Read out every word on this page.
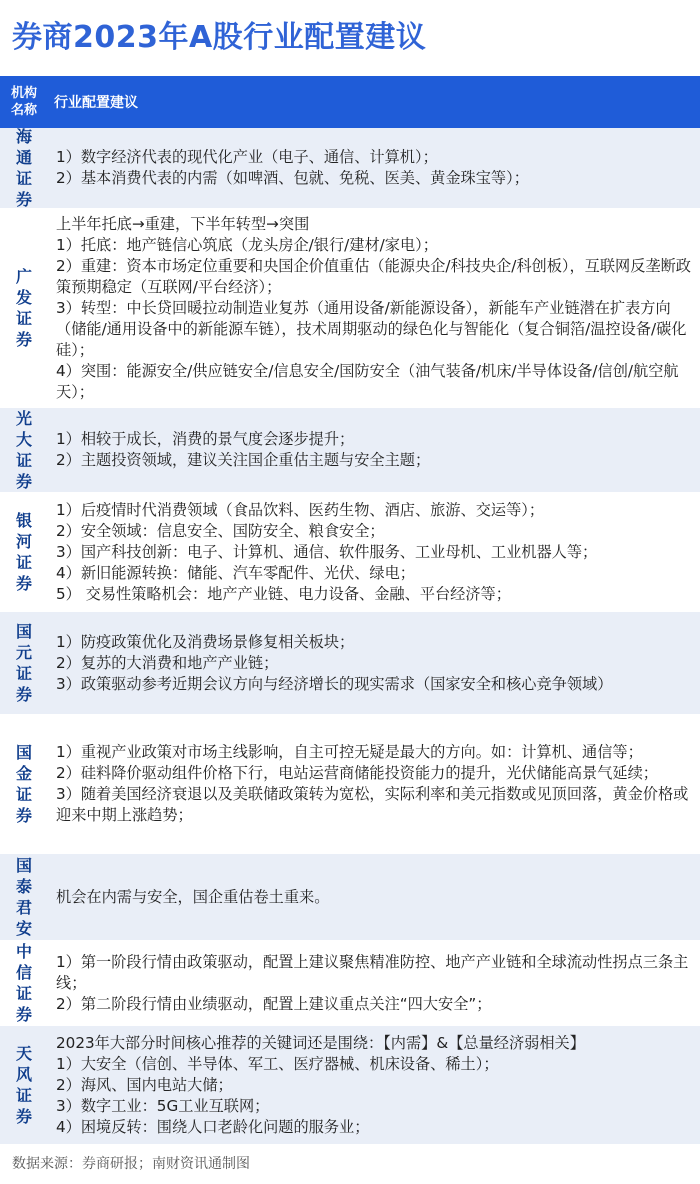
券商2023年A股行业配置建议
机构
名称	行业配置建议
海通证券
1）数字经济代表的现代化产业（电子、通信、计算机）；
2）基本消费代表的内需（如啤酒、包就、免税、医美、黄金珠宝等）；
广发证券
上半年托底→重建，下半年转型→突围
1）托底：地产链信心筑底（龙头房企/银行/建材/家电）；
2）重建：资本市场定位重要和央国企价值重估（能源央企/科技央企/科创板），互联网反垄断政策预期稳定（互联网/平台经济）；
3）转型：中长贷回暖拉动制造业复苏（通用设备/新能源设备），新能车产业链潜在扩表方向（储能/通用设备中的新能源车链），技术周期驱动的绿色化与智能化（复合铜箔/温控设备/碳化硅）；
4）突围：能源安全/供应链安全/信息安全/国防安全（油气装备/机床/半导体设备/信创/航空航天）；
光大证券
1）相较于成长，消费的景气度会逐步提升；
2）主题投资领域，建议关注国企重估主题与安全主题；
银河证券
1）后疫情时代消费领域（食品饮料、医药生物、酒店、旅游、交运等）；
2）安全领域：信息安全、国防安全、粮食安全；
3）国产科技创新：电子、计算机、通信、软件服务、工业母机、工业机器人等；
4）新旧能源转换：储能、汽车零配件、光伏、绿电；
5） 交易性策略机会：地产产业链、电力设备、金融、平台经济等；
国元证券
1）防疫政策优化及消费场景修复相关板块；
2）复苏的大消费和地产产业链；
3）政策驱动参考近期会议方向与经济增长的现实需求（国家安全和核心竞争领域）
国金证券
1）重视产业政策对市场主线影响，自主可控无疑是最大的方向。如：计算机、通信等；
2）硅料降价驱动组件价格下行，电站运营商储能投资能力的提升，光伏储能高景气延续；
3）随着美国经济衰退以及美联储政策转为宽松，实际利率和美元指数或见顶回落，黄金价格或迎来中期上涨趋势；
国泰君安
机会在内需与安全，国企重估卷土重来。
中信证券
1）第一阶段行情由政策驱动，配置上建议聚焦精准防控、地产产业链和全球流动性拐点三条主线；
2）第二阶段行情由业绩驱动，配置上建议重点关注“四大安全”；
天风证券
2023年大部分时间核心推荐的关键词还是围绕：【内需】&【总量经济弱相关】
1）大安全（信创、半导体、军工、医疗器械、机床设备、稀土）；
2）海风、国内电站大储；
3）数字工业：5G工业互联网；
4）困境反转：围绕人口老龄化问题的服务业；
数据来源：券商研报；南财资讯通制图
